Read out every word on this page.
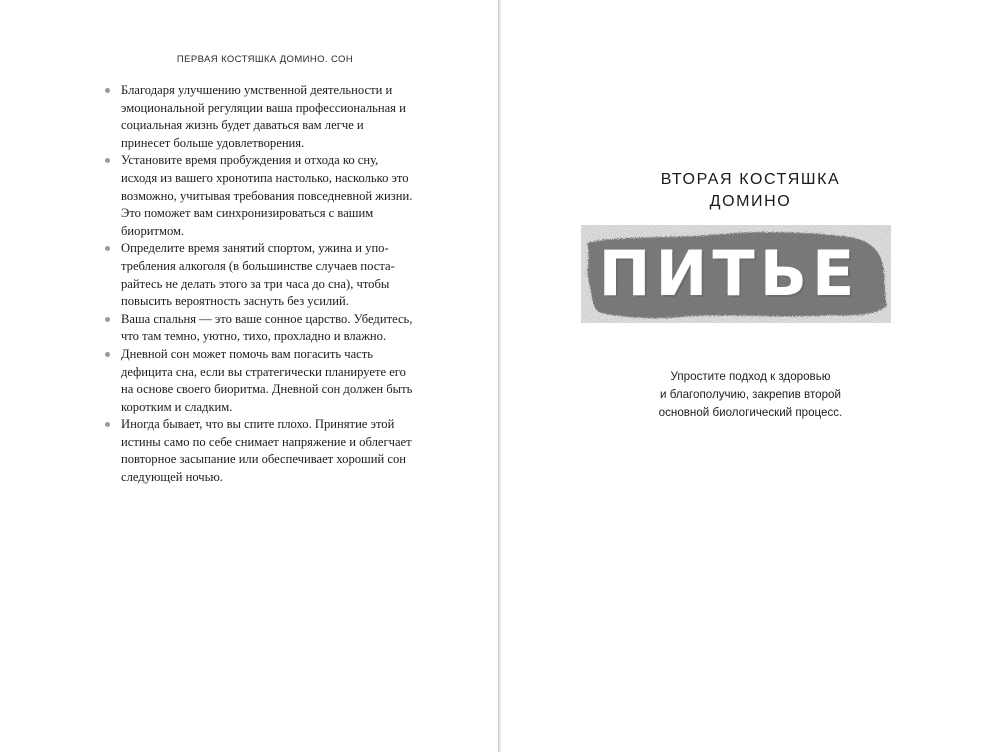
ПЕРВАЯ КОСТЯШКА ДОМИНО. СОН
Благодаря улучшению умственной деятельности и эмоциональной регуляции ваша профессиональная и социальная жизнь будет даваться вам легче и принесет больше удовлетворения.
Установите время пробуждения и отхода ко сну, исходя из вашего хронотипа настолько, насколько это возможно, учитывая требования повседневной жизни. Это поможет вам синхронизироваться с вашим биоритмом.
Определите время занятий спортом, ужина и употребления алкоголя (в большинстве случаев постарайтесь не делать этого за три часа до сна), чтобы повысить вероятность заснуть без усилий.
Ваша спальня — это ваше сонное царство. Убедитесь, что там темно, уютно, тихо, прохладно и влажно.
Дневной сон может помочь вам погасить часть дефицита сна, если вы стратегически планируете его на основе своего биоритма. Дневной сон должен быть коротким и сладким.
Иногда бывает, что вы спите плохо. Принятие этой истины само по себе снимает напряжение и облегчает повторное засыпание или обеспечивает хороший сон следующей ночью.
ВТОРАЯ КОСТЯШКА
ДОМИНО
ПИТЬЕ
Упростите подход к здоровью
и благополучию, закрепив второй
основной биологический процесс.
